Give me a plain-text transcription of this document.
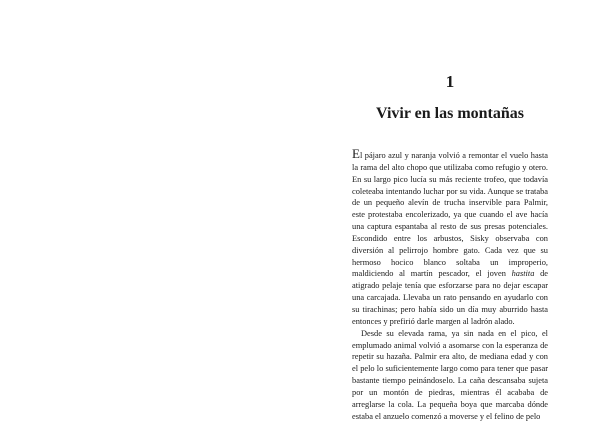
1
Vivir en las montañas

El pájaro azul y naranja volvió a remontar el vuelo hasta la rama del alto chopo que utilizaba como refugio y otero. En su largo pico lucía su más reciente trofeo, que todavía coleteaba intentando luchar por su vida. Aunque se trataba de un pequeño alevín de trucha inservible para Palmir, este protestaba encolerizado, ya que cuando el ave hacía una captura espantaba al resto de sus presas potenciales. Escondido entre los arbustos, Sisky observaba con diversión al pelirrojo hombre gato. Cada vez que su hermoso hocico blanco soltaba un improperio, maldiciendo al martín pescador, el joven hastita de atigrado pelaje tenía que esforzarse para no dejar escapar una carcajada. Llevaba un rato pensando en ayudarlo con su tirachinas; pero había sido un día muy aburrido hasta entonces y prefirió darle margen al ladrón alado.

Desde su elevada rama, ya sin nada en el pico, el emplumado animal volvió a asomarse con la esperanza de repetir su hazaña. Palmir era alto, de mediana edad y con el pelo lo suficientemente largo como para tener que pasar bastante tiempo peinándoselo. La caña descansaba sujeta por un montón de piedras, mientras él acababa de arreglarse la cola. La pequeña boya que marcaba dónde estaba el anzuelo comenzó a moverse y el felino de pelo
